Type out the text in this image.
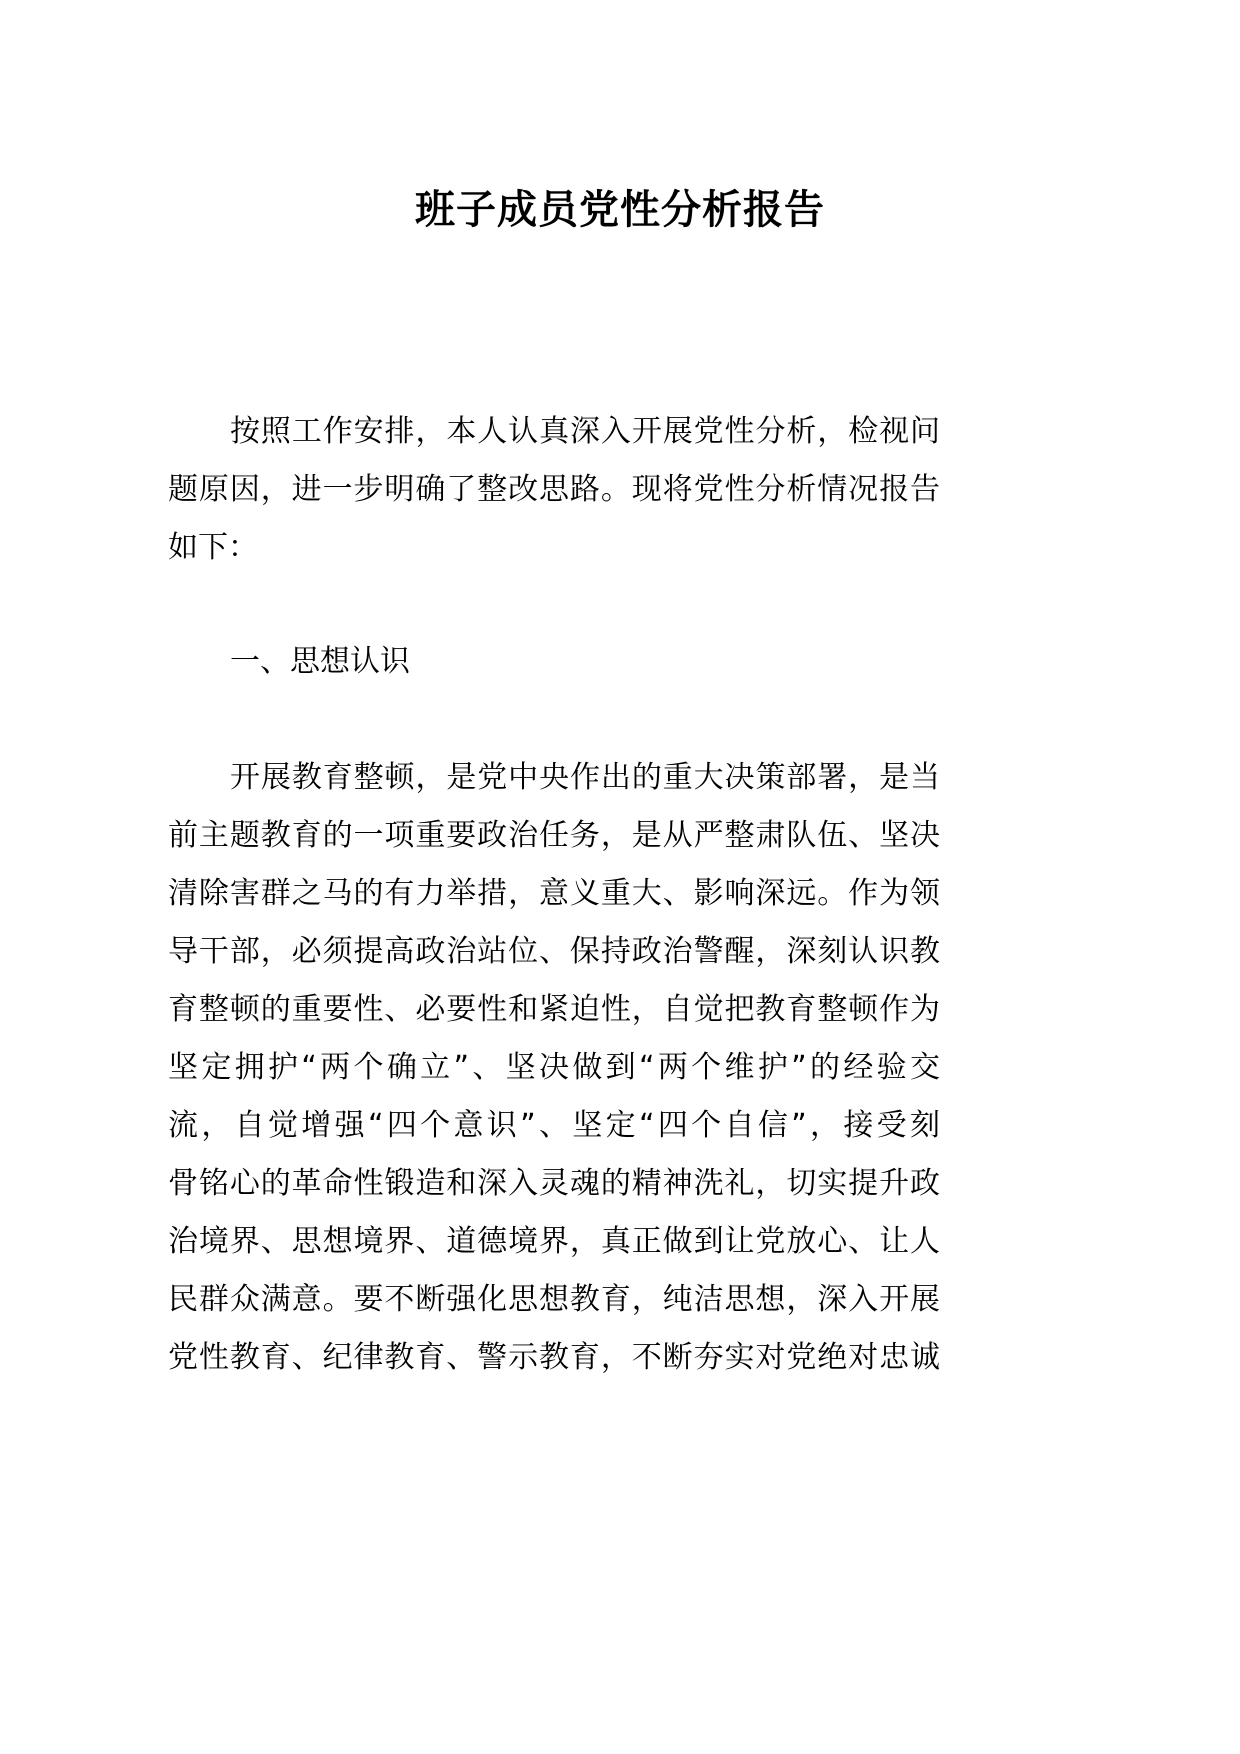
班子成员党性分析报告
按照工作安排，本人认真深入开展党性分析，检视问
题原因，进一步明确了整改思路。现将党性分析情况报告
如下：
一、思想认识
开展教育整顿，是党中央作出的重大决策部署，是当
前主题教育的一项重要政治任务，是从严整肃队伍、坚决
清除害群之马的有力举措，意义重大、影响深远。作为领
导干部，必须提高政治站位、保持政治警醒，深刻认识教
育整顿的重要性、必要性和紧迫性，自觉把教育整顿作为
坚定拥护“两个确立”、坚决做到“两个维护”的经验交
流，自觉增强“四个意识”、坚定“四个自信”，接受刻
骨铭心的革命性锻造和深入灵魂的精神洗礼，切实提升政
治境界、思想境界、道德境界，真正做到让党放心、让人
民群众满意。要不断强化思想教育，纯洁思想，深入开展
党性教育、纪律教育、警示教育，不断夯实对党绝对忠诚
